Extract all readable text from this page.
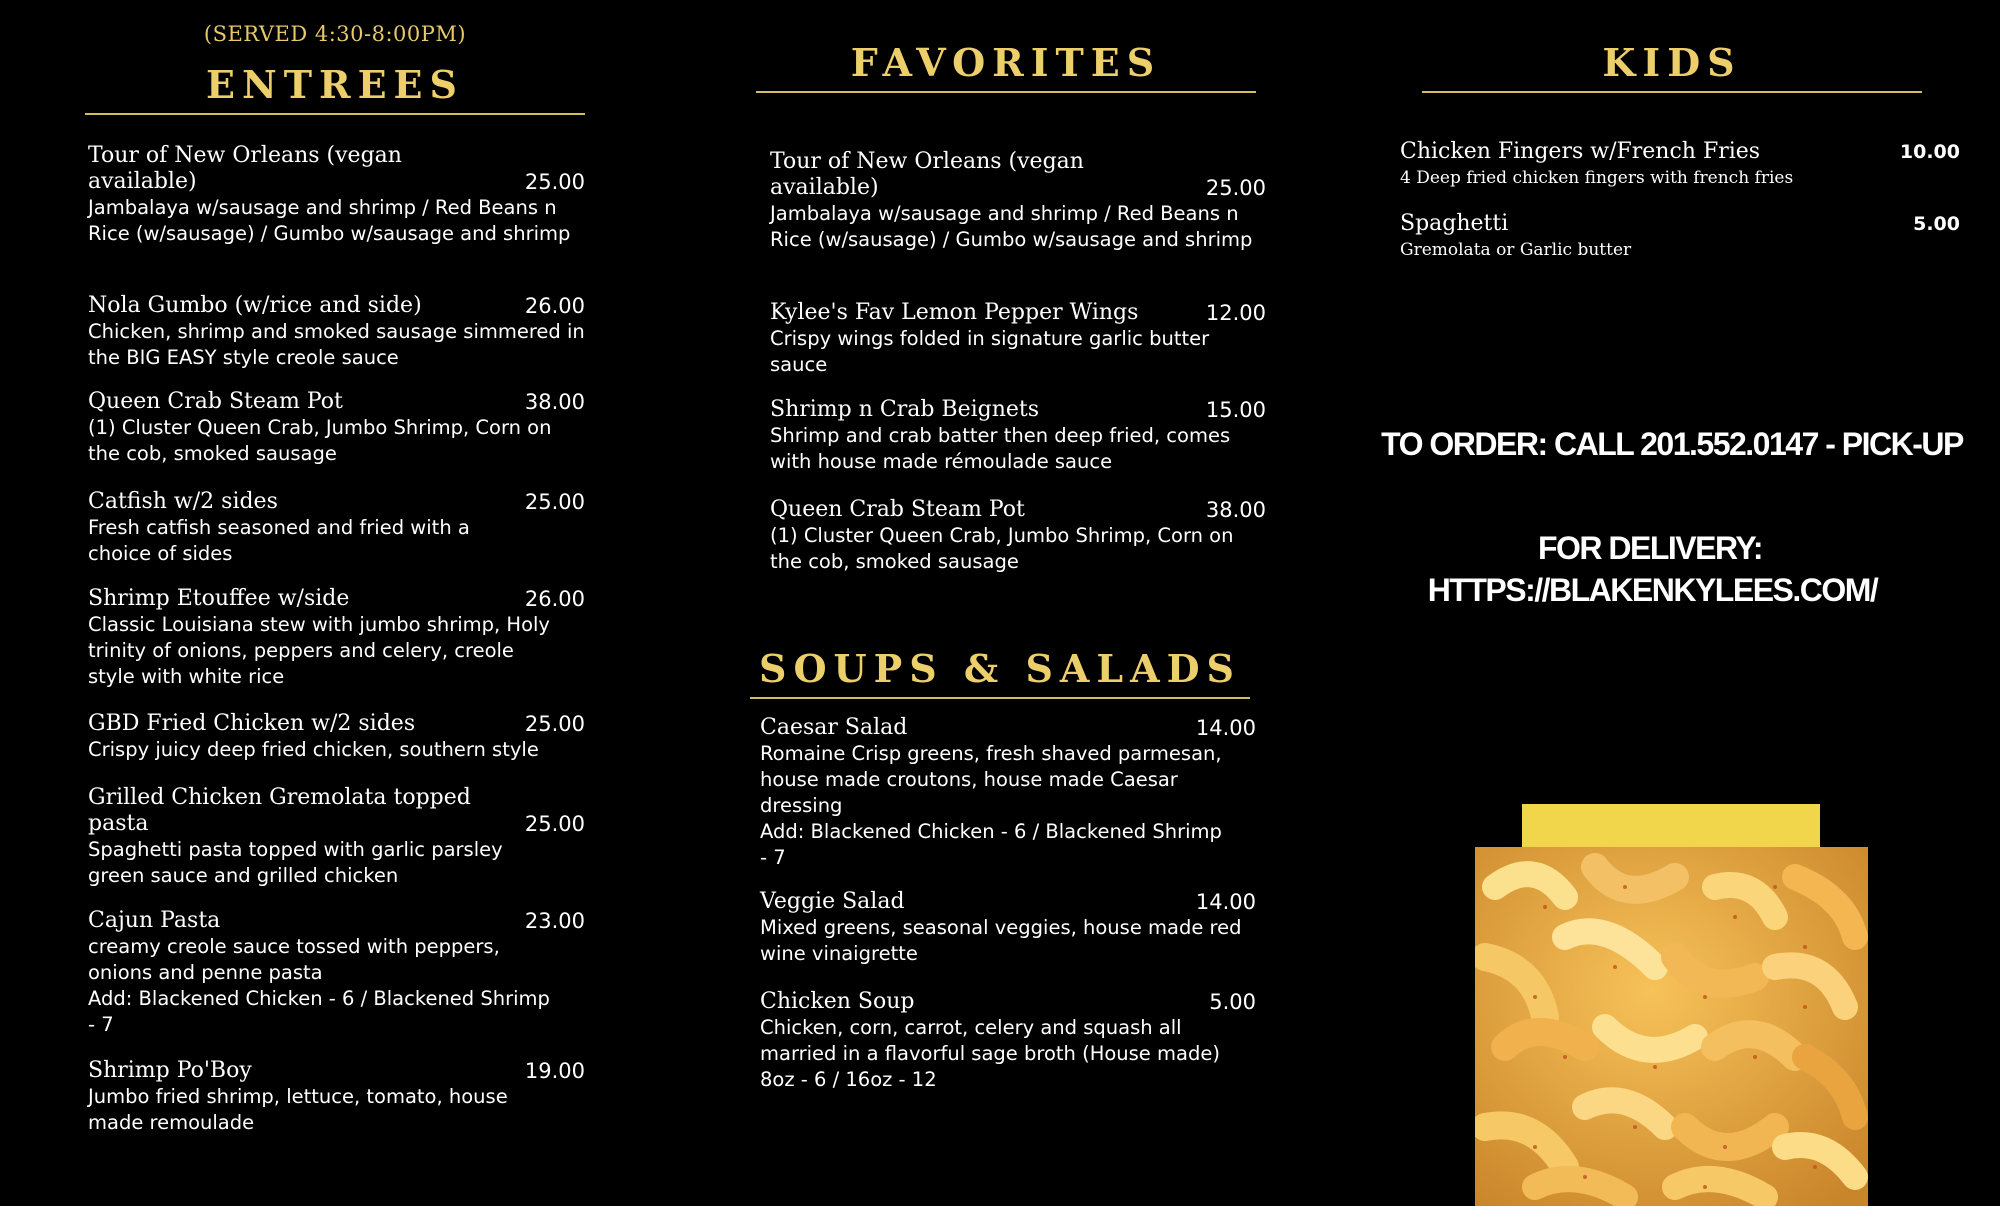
(SERVED 4:30-8:00PM)
ENTREES
Tour of New Orleans (vegan available)	25.00
Jambalaya w/sausage and shrimp / Red Beans n Rice (w/sausage) / Gumbo w/sausage and shrimp
Nola Gumbo (w/rice and side)	26.00
Chicken, shrimp and smoked sausage simmered in the BIG EASY style creole sauce
Queen Crab Steam Pot	38.00
(1) Cluster Queen Crab, Jumbo Shrimp, Corn on the cob, smoked sausage
Catfish w/2 sides	25.00
Fresh catfish seasoned and fried with a choice of sides
Shrimp Etouffee w/side	26.00
Classic Louisiana stew with jumbo shrimp, Holy trinity of onions, peppers and celery, creole style with white rice
GBD Fried Chicken w/2 sides	25.00
Crispy juicy deep fried chicken, southern style
Grilled Chicken Gremolata topped pasta	25.00
Spaghetti pasta topped with garlic parsley green sauce and grilled chicken
Cajun Pasta	23.00
creamy creole sauce tossed with peppers, onions and penne pasta
Add: Blackened Chicken - 6 / Blackened Shrimp - 7
Shrimp Po'Boy	19.00
Jumbo fried shrimp, lettuce, tomato, house made remoulade
FAVORITES
Tour of New Orleans (vegan available)	25.00
Jambalaya w/sausage and shrimp / Red Beans n Rice (w/sausage) / Gumbo w/sausage and shrimp
Kylee's Fav Lemon Pepper Wings	12.00
Crispy wings folded in signature garlic butter sauce
Shrimp n Crab Beignets	15.00
Shrimp and crab batter then deep fried, comes with house made rémoulade sauce
Queen Crab Steam Pot	38.00
(1) Cluster Queen Crab, Jumbo Shrimp, Corn on the cob, smoked sausage
SOUPS & SALADS
Caesar Salad	14.00
Romaine Crisp greens, fresh shaved parmesan, house made croutons, house made Caesar dressing
Add: Blackened Chicken - 6 / Blackened Shrimp - 7
Veggie Salad	14.00
Mixed greens, seasonal veggies, house made red wine vinaigrette
Chicken Soup	5.00
Chicken, corn, carrot, celery and squash all married in a flavorful sage broth (House made)
8oz - 6 / 16oz - 12
KIDS
Chicken Fingers w/French Fries	10.00
4 Deep fried chicken fingers with french fries
Spaghetti	5.00
Gremolata or Garlic butter
TO ORDER: CALL 201.552.0147 - PICK-UP
FOR DELIVERY:
HTTPS://BLAKENKYLEES.COM/
